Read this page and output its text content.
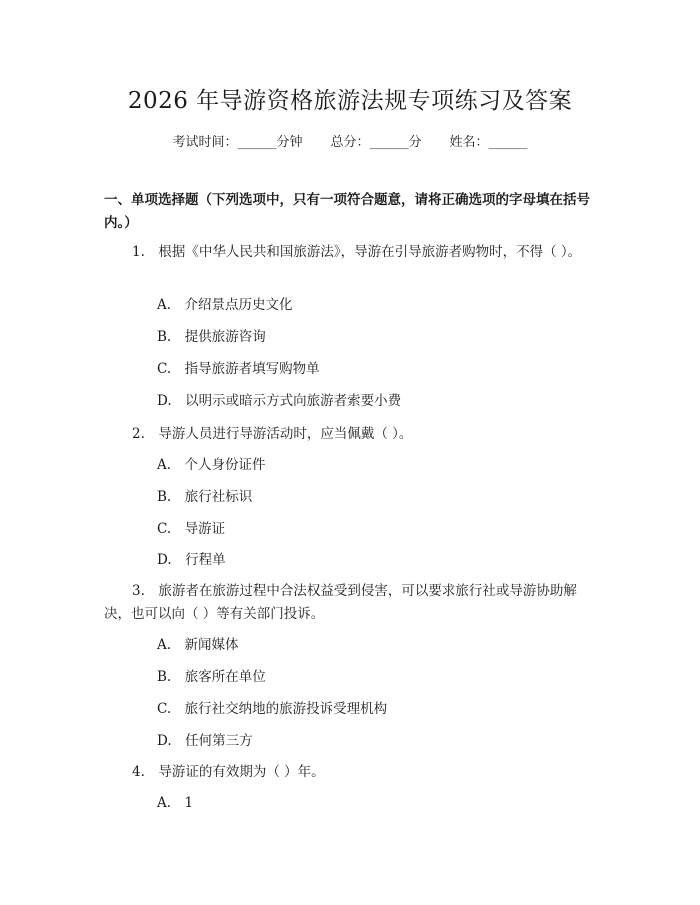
2026 年导游资格旅游法规专项练习及答案
考试时间：______分钟 总分：______分 姓名：______
一、单项选择题（下列选项中，只有一项符合题意，请将正确选项的字母填在括号内。）
1.　根据《中华人民共和国旅游法》，导游在引导旅游者购物时，不得（ ）。
A.　介绍景点历史文化
B.　提供旅游咨询
C.　指导旅游者填写购物单
D.　以明示或暗示方式向旅游者索要小费
2.　导游人员进行导游活动时，应当佩戴（ ）。
A.　个人身份证件
B.　旅行社标识
C.　导游证
D.　行程单
3.　旅游者在旅游过程中合法权益受到侵害，可以要求旅行社或导游协助解决，也可以向（ ）等有关部门投诉。
A.　新闻媒体
B.　旅客所在单位
C.　旅行社交纳地的旅游投诉受理机构
D.　任何第三方
4.　导游证的有效期为（ ）年。
A.　1
